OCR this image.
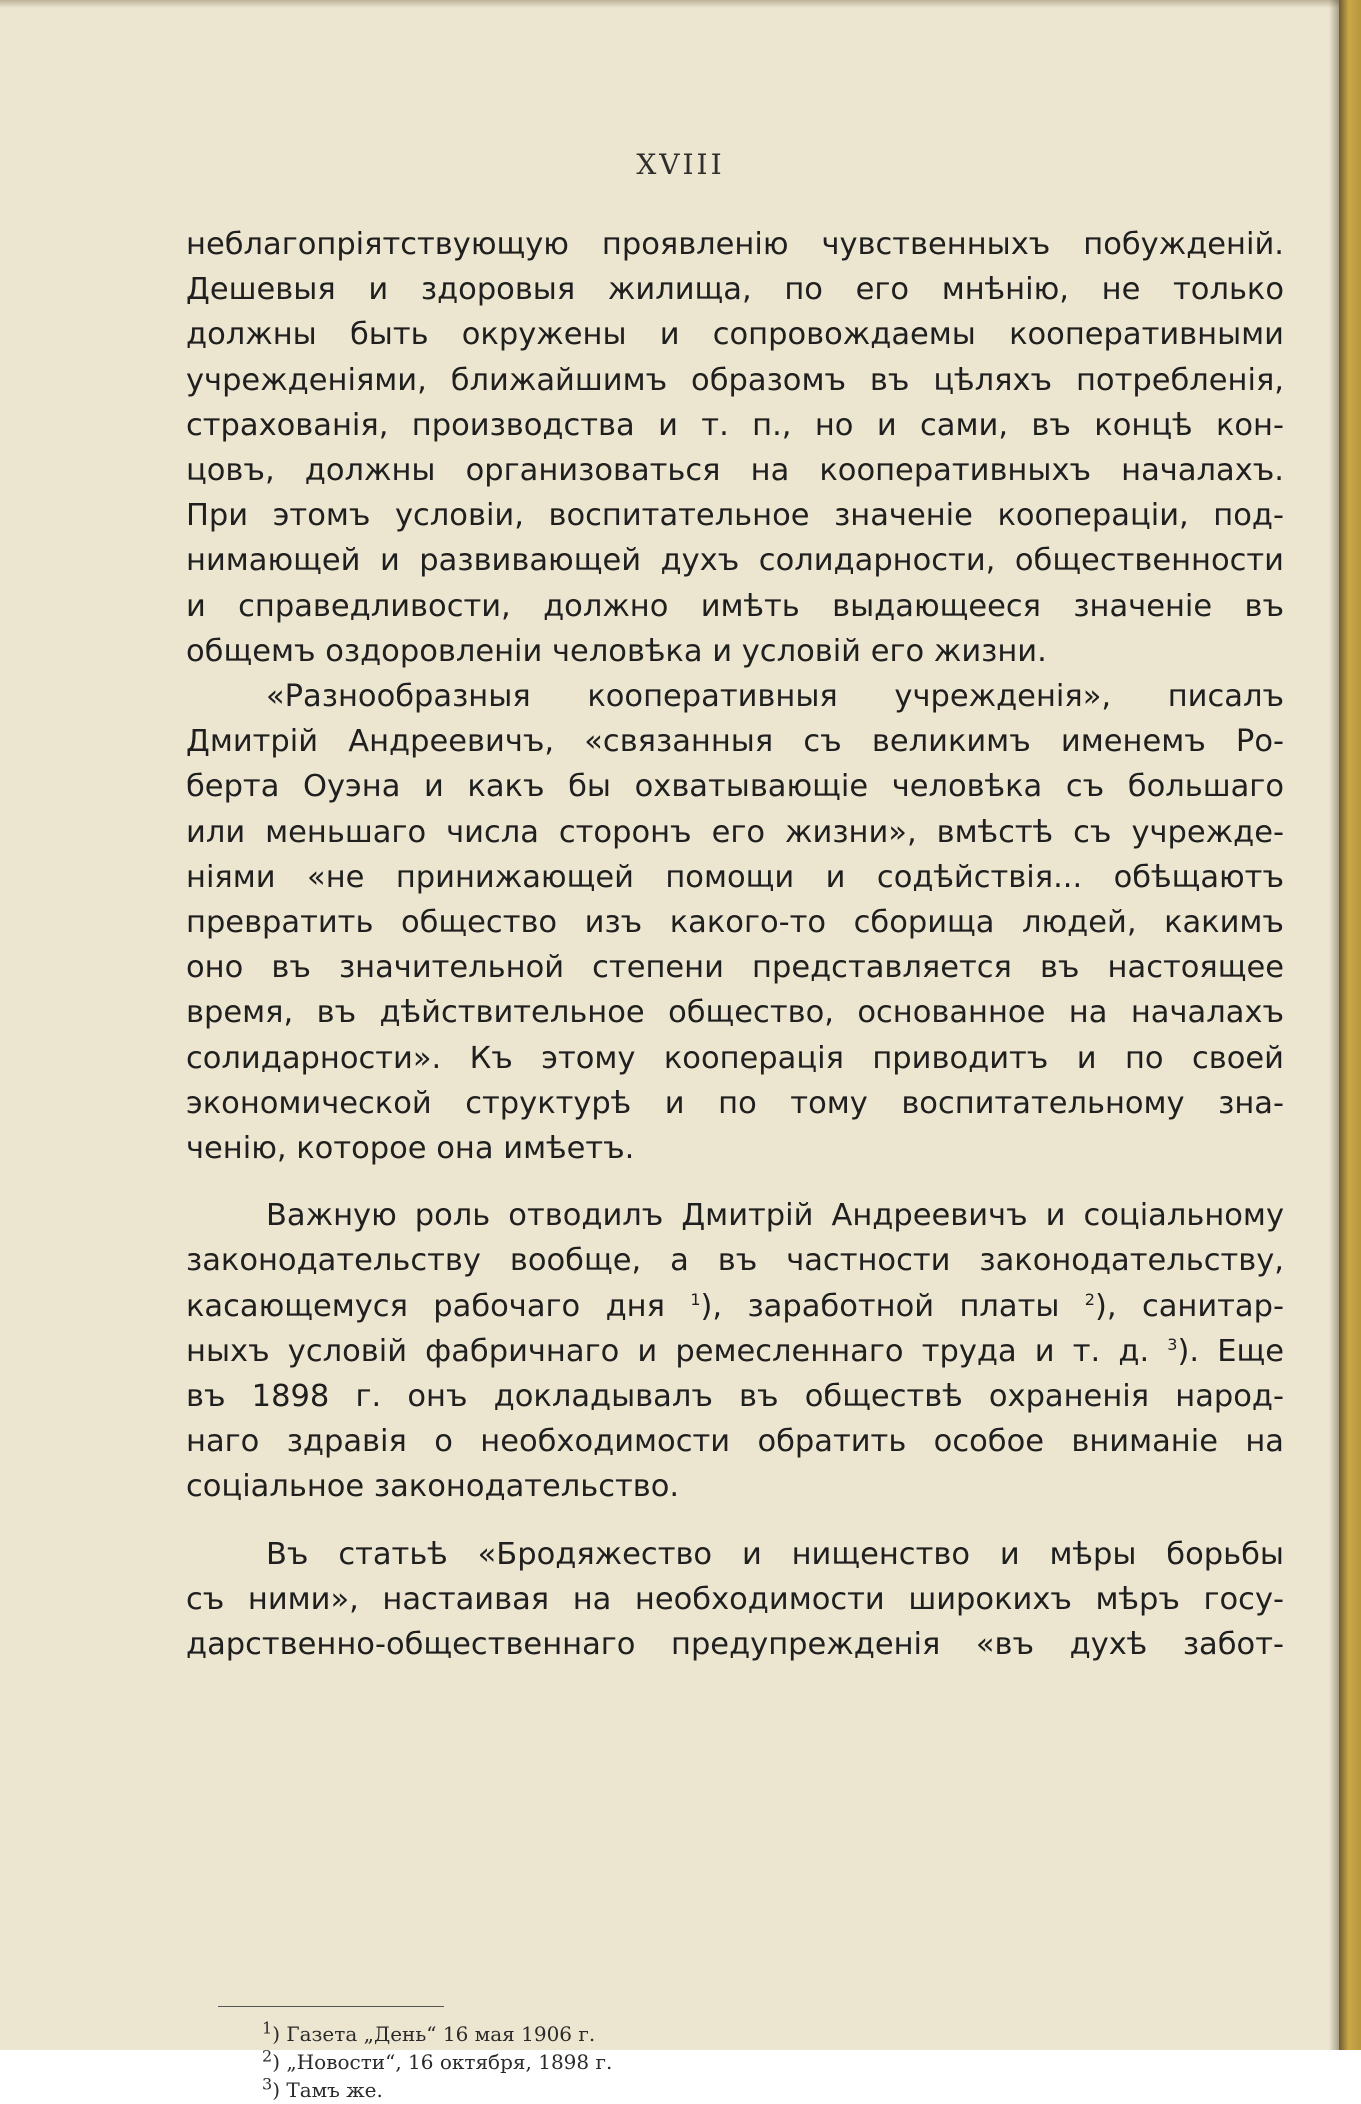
XVIII
неблагопріятствующую проявленію чувственныхъ побужденій.
Дешевыя и здоровыя жилища, по его мнѣнію, не только
должны быть окружены и сопровождаемы кооперативными
учрежденіями, ближайшимъ образомъ въ цѣляхъ потребленія,
страхованія, производства и т. п., но и сами, въ концѣ кон-
цовъ, должны организоваться на кооперативныхъ началахъ.
При этомъ условіи, воспитательное значеніе коопераціи, под-
нимающей и развивающей духъ солидарности, общественности
и справедливости, должно имѣть выдающееся значеніе въ
общемъ оздоровленіи человѣка и условій его жизни.
«Разнообразныя кооперативныя учрежденія», писалъ
Дмитрій Андреевичъ, «связанныя съ великимъ именемъ Ро-
берта Оуэна и какъ бы охватывающіе человѣка съ большаго
или меньшаго числа сторонъ его жизни», вмѣстѣ съ учрежде-
ніями «не принижающей помощи и содѣйствія... обѣщаютъ
превратить общество изъ какого-то сборища людей, какимъ
оно въ значительной степени представляется въ настоящее
время, въ дѣйствительное общество, основанное на началахъ
солидарности». Къ этому кооперація приводитъ и по своей
экономической структурѣ и по тому воспитательному зна-
ченію, которое она имѣетъ.
Важную роль отводилъ Дмитрій Андреевичъ и соціальному
законодательству вообще, а въ частности законодательству,
касающемуся рабочаго дня $^1$), заработной платы $^2$), санитар-
ныхъ условій фабричнаго и ремесленнаго труда и т. д. $^3$). Еще
въ 1898 г. онъ докладывалъ въ обществѣ охраненія народ-
наго здравія о необходимости обратить особое вниманіе на
соціальное законодательство.
Въ статьѣ «Бродяжество и нищенство и мѣры борьбы
съ ними», настаивая на необходимости широкихъ мѣръ госу-
дарственно-общественнаго предупрежденія «въ духѣ забот-
$^1$) Газета „День“ 16 мая 1906 г.
$^2$) „Новости“, 16 октября, 1898 г.
$^3$) Тамъ же.
